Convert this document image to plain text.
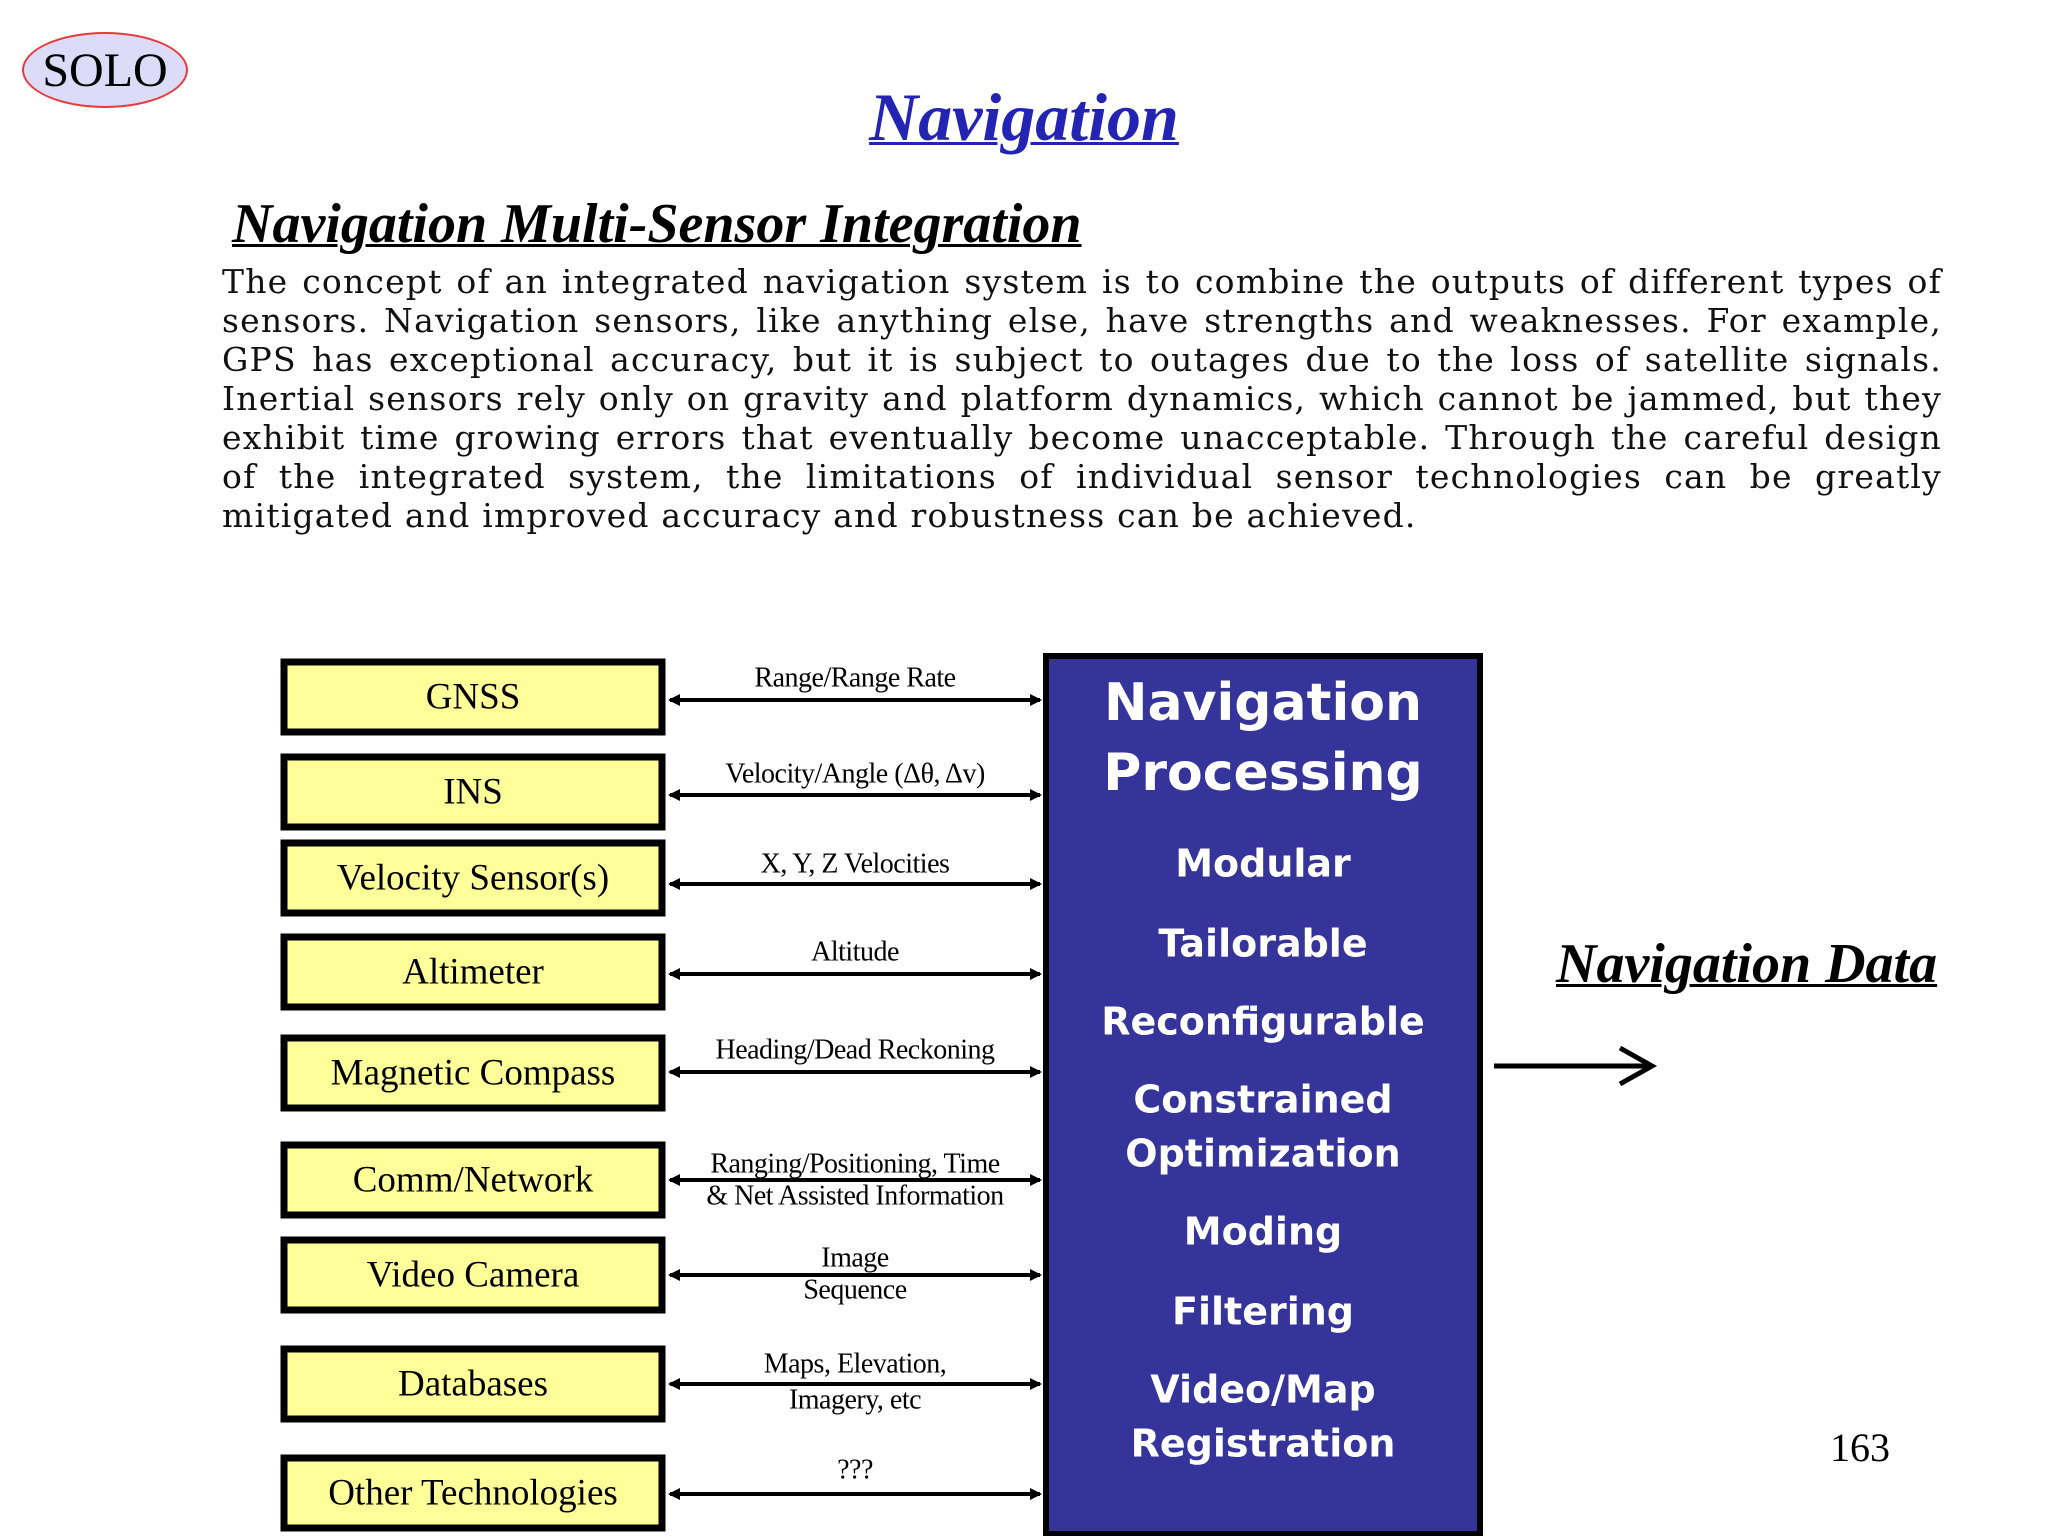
SOLO
Navigation
Navigation Multi-Sensor Integration
The concept of an integrated navigation system is to combine the outputs of different types of sensors. Navigation sensors, like anything else, have strengths and weaknesses. For example, GPS has exceptional accuracy, but it is subject to outages due to the loss of satellite signals. Inertial sensors rely only on gravity and platform dynamics, which cannot be jammed, but they exhibit time growing errors that eventually become unacceptable. Through the careful design of the integrated system, the limitations of individual sensor technologies can be greatly mitigated and improved accuracy and robustness can be achieved.
GNSS
INS
Velocity Sensor(s)
Altimeter
Magnetic Compass
Comm/Network
Video Camera
Databases
Other Technologies
Range/Range Rate
Velocity/Angle (Δθ, Δv)
X, Y, Z Velocities
Altitude
Heading/Dead Reckoning
Ranging/Positioning, Time
& Net Assisted Information
Image
Sequence
Maps, Elevation,
Imagery, etc
???
Navigation
Processing
Modular
Tailorable
Reconfigurable
Constrained
Optimization
Moding
Filtering
Video/Map
Registration
Navigation Data
163
